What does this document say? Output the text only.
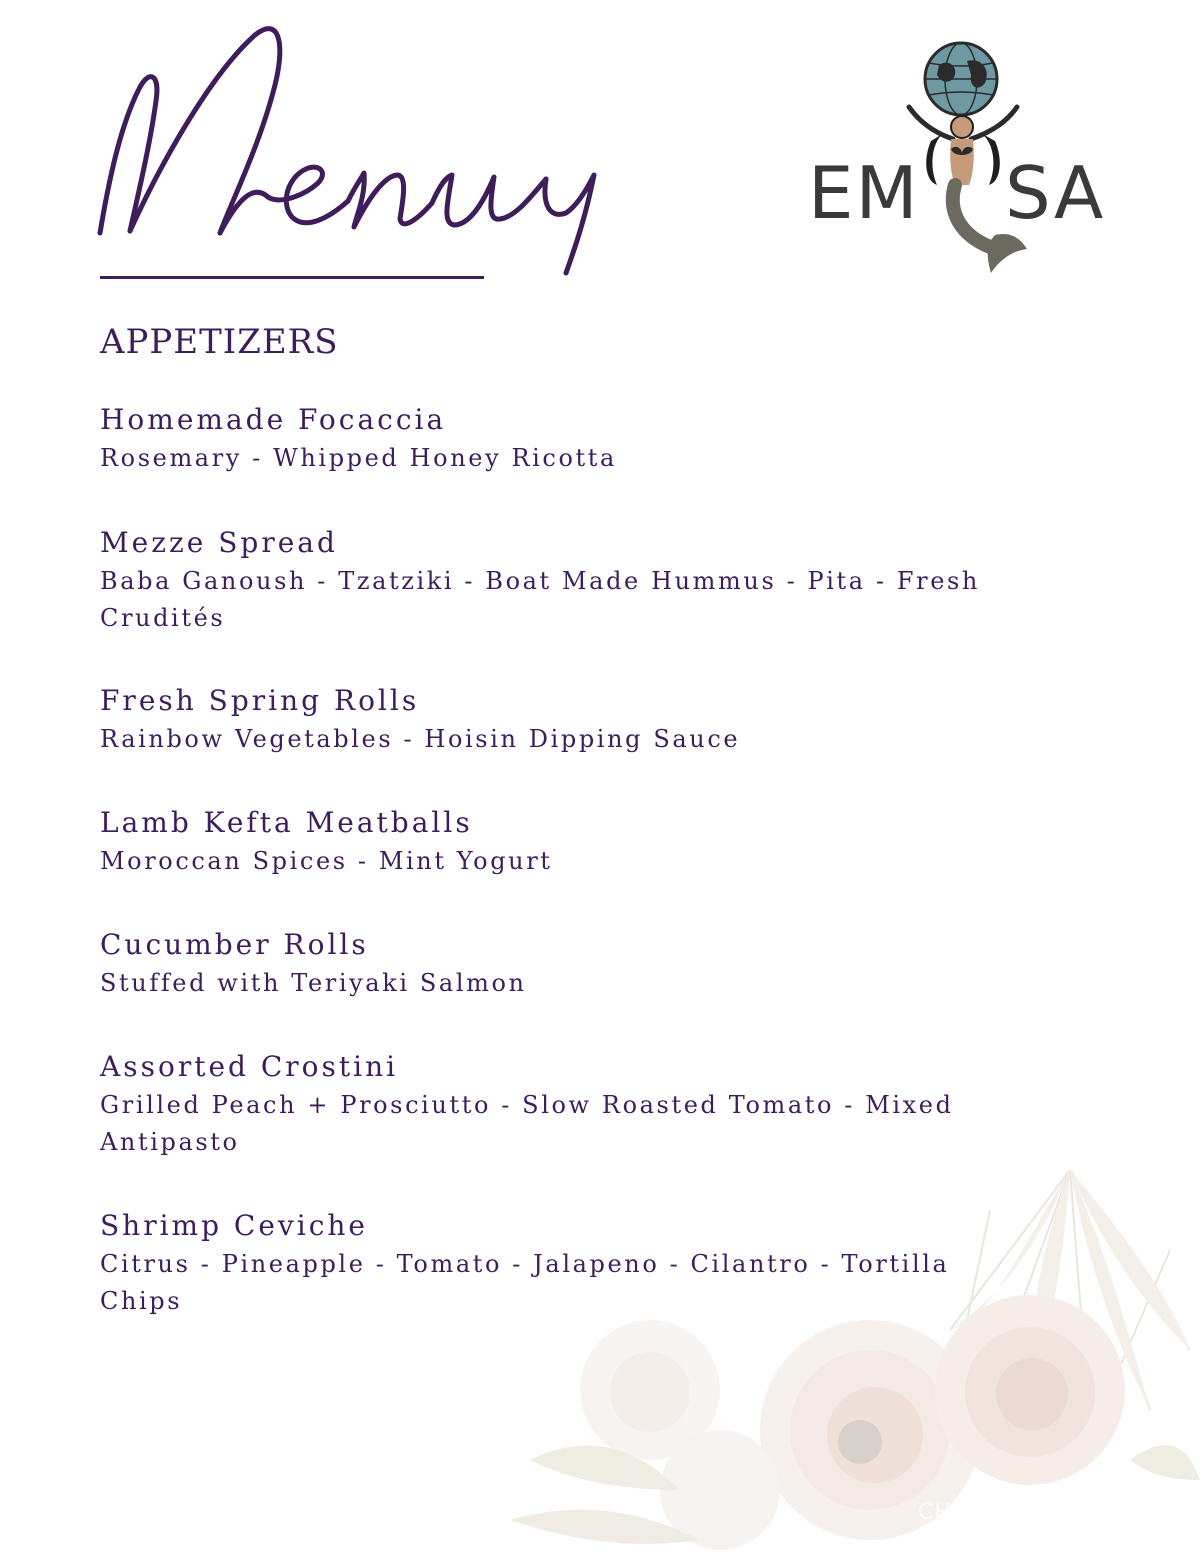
EM SA
APPETIZERS

Homemade Focaccia

Rosemary - Whipped Honey Ricotta

Mezze Spread

Baba Ganoush - Tzatziki - Boat Made Hummus - Pita - Fresh Crudités

Fresh Spring Rolls

Rainbow Vegetables - Hoisin Dipping Sauce

Lamb Kefta Meatballs

Moroccan Spices - Mint Yogurt

Cucumber Rolls

Stuffed with Teriyaki Salmon

Assorted Crostini

Grilled Peach + Prosciutto - Slow Roasted Tomato - Mixed Antipasto

Shrimp Ceviche

Citrus - Pineapple - Tomato - Jalapeno - Cilantro - Tortilla Chips

CHARTER
